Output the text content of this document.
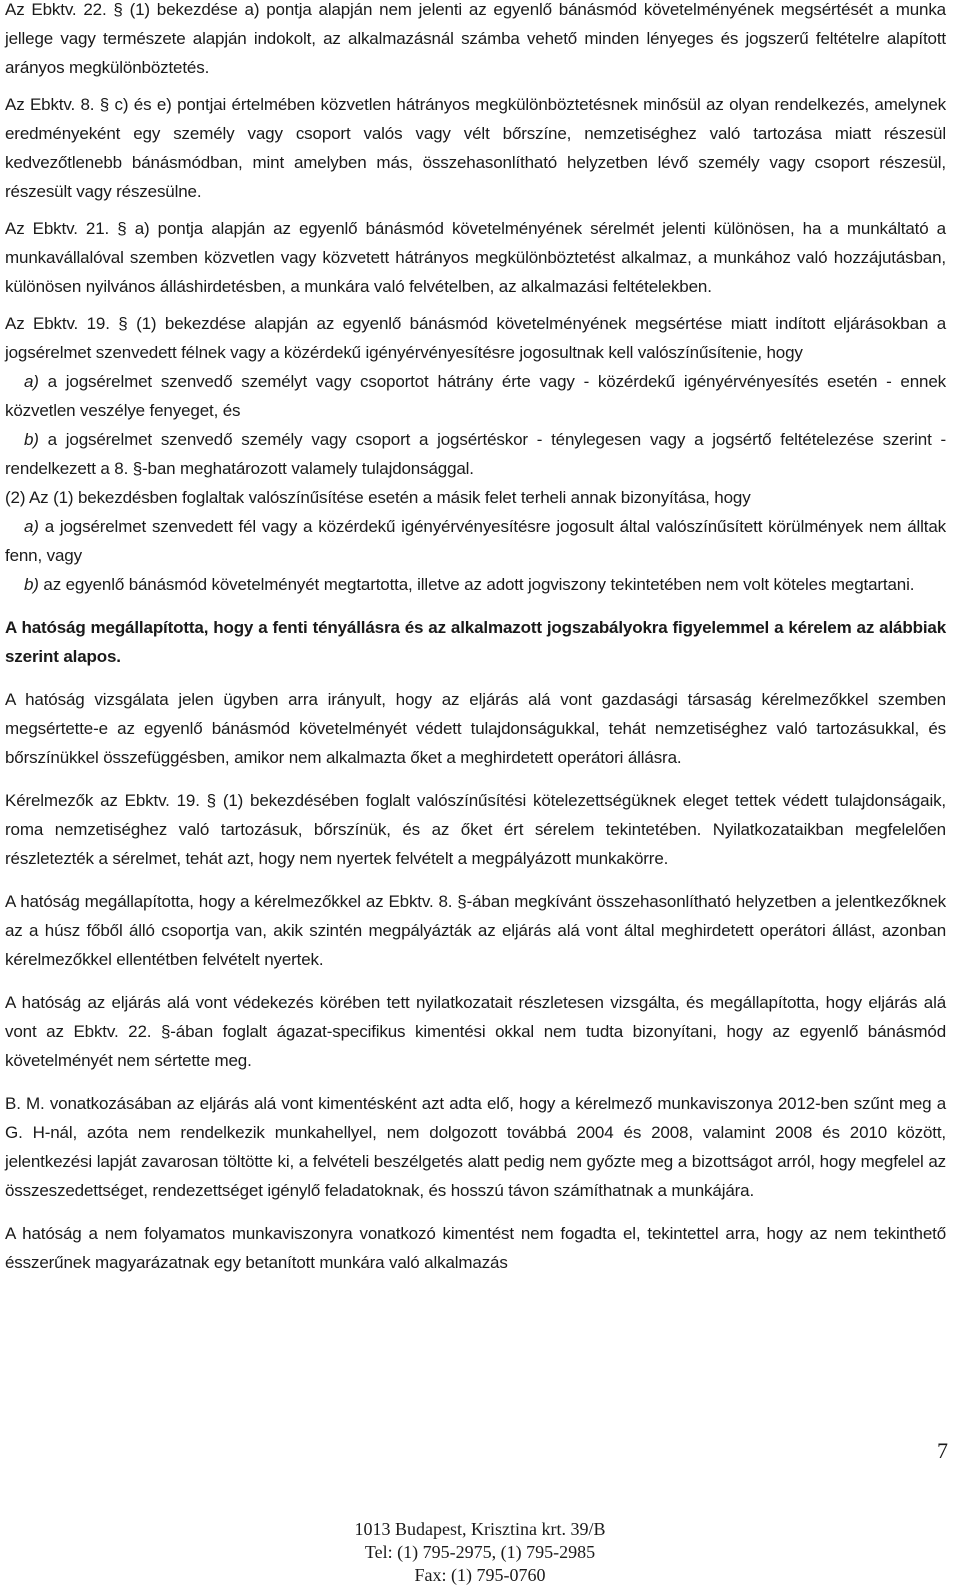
Az Ebktv. 22. § (1) bekezdése a) pontja alapján nem jelenti az egyenlő bánásmód követelményének megsértését a munka jellege vagy természete alapján indokolt, az alkalmazásnál számba vehető minden lényeges és jogszerű feltételre alapított arányos megkülönböztetés.

Az Ebktv. 8. § c) és e) pontjai értelmében közvetlen hátrányos megkülönböztetésnek minősül az olyan rendelkezés, amelynek eredményeként egy személy vagy csoport valós vagy vélt bőrszíne, nemzetiséghez való tartozása miatt részesül kedvezőtlenebb bánásmódban, mint amelyben más, összehasonlítható helyzetben lévő személy vagy csoport részesül, részesült vagy részesülne.

Az Ebktv. 21. § a) pontja alapján az egyenlő bánásmód követelményének sérelmét jelenti különösen, ha a munkáltató a munkavállalóval szemben közvetlen vagy közvetett hátrányos megkülönböztetést alkalmaz, a munkához való hozzájutásban, különösen nyilvános álláshirdetésben, a munkára való felvételben, az alkalmazási feltételekben.

Az Ebktv. 19. § (1) bekezdése alapján az egyenlő bánásmód követelményének megsértése miatt indított eljárásokban a jogsérelmet szenvedett félnek vagy a közérdekű igényérvényesítésre jogosultnak kell valószínűsítenie, hogy

a) a jogsérelmet szenvedő személyt vagy csoportot hátrány érte vagy - közérdekű igényérvényesítés esetén - ennek közvetlen veszélye fenyeget, és

b) a jogsérelmet szenvedő személy vagy csoport a jogsértéskor - ténylegesen vagy a jogsértő feltételezése szerint - rendelkezett a 8. §-ban meghatározott valamely tulajdonsággal.

(2) Az (1) bekezdésben foglaltak valószínűsítése esetén a másik felet terheli annak bizonyítása, hogy

a) a jogsérelmet szenvedett fél vagy a közérdekű igényérvényesítésre jogosult által valószínűsített körülmények nem álltak fenn, vagy

b) az egyenlő bánásmód követelményét megtartotta, illetve az adott jogviszony tekintetében nem volt köteles megtartani.

A hatóság megállapította, hogy a fenti tényállásra és az alkalmazott jogszabályokra figyelemmel a kérelem az alábbiak szerint alapos.

A hatóság vizsgálata jelen ügyben arra irányult, hogy az eljárás alá vont gazdasági társaság kérelmezőkkel szemben megsértette-e az egyenlő bánásmód követelményét védett tulajdonságukkal, tehát nemzetiséghez való tartozásukkal, és bőrszínükkel összefüggésben, amikor nem alkalmazta őket a meghirdetett operátori állásra.

Kérelmezők az Ebktv. 19. § (1) bekezdésében foglalt valószínűsítési kötelezettségüknek eleget tettek védett tulajdonságaik, roma nemzetiséghez való tartozásuk, bőrszínük, és az őket ért sérelem tekintetében. Nyilatkozataikban megfelelően részletezték a sérelmet, tehát azt, hogy nem nyertek felvételt a megpályázott munkakörre.

A hatóság megállapította, hogy a kérelmezőkkel az Ebktv. 8. §-ában megkívánt összehasonlítható helyzetben a jelentkezőknek az a húsz főből álló csoportja van, akik szintén megpályázták az eljárás alá vont által meghirdetett operátori állást, azonban kérelmezőkkel ellentétben felvételt nyertek.

A hatóság az eljárás alá vont védekezés körében tett nyilatkozatait részletesen vizsgálta, és megállapította, hogy eljárás alá vont az Ebktv. 22. §-ában foglalt ágazat-specifikus kimentési okkal nem tudta bizonyítani, hogy az egyenlő bánásmód követelményét nem sértette meg.

B. M. vonatkozásában az eljárás alá vont kimentésként azt adta elő, hogy a kérelmező munkaviszonya 2012-ben szűnt meg a G. H-nál, azóta nem rendelkezik munkahellyel, nem dolgozott továbbá 2004 és 2008, valamint 2008 és 2010 között, jelentkezési lapját zavarosan töltötte ki, a felvételi beszélgetés alatt pedig nem győzte meg a bizottságot arról, hogy megfelel az összeszedettséget, rendezettséget igénylő feladatoknak, és hosszú távon számíthatnak a munkájára.

A hatóság a nem folyamatos munkaviszonyra vonatkozó kimentést nem fogadta el, tekintettel arra, hogy az nem tekinthető ésszerűnek magyarázatnak egy betanított munkára való alkalmazás

7
1013 Budapest, Krisztina krt. 39/B
Tel: (1) 795-2975, (1) 795-2985
Fax: (1) 795-0760
